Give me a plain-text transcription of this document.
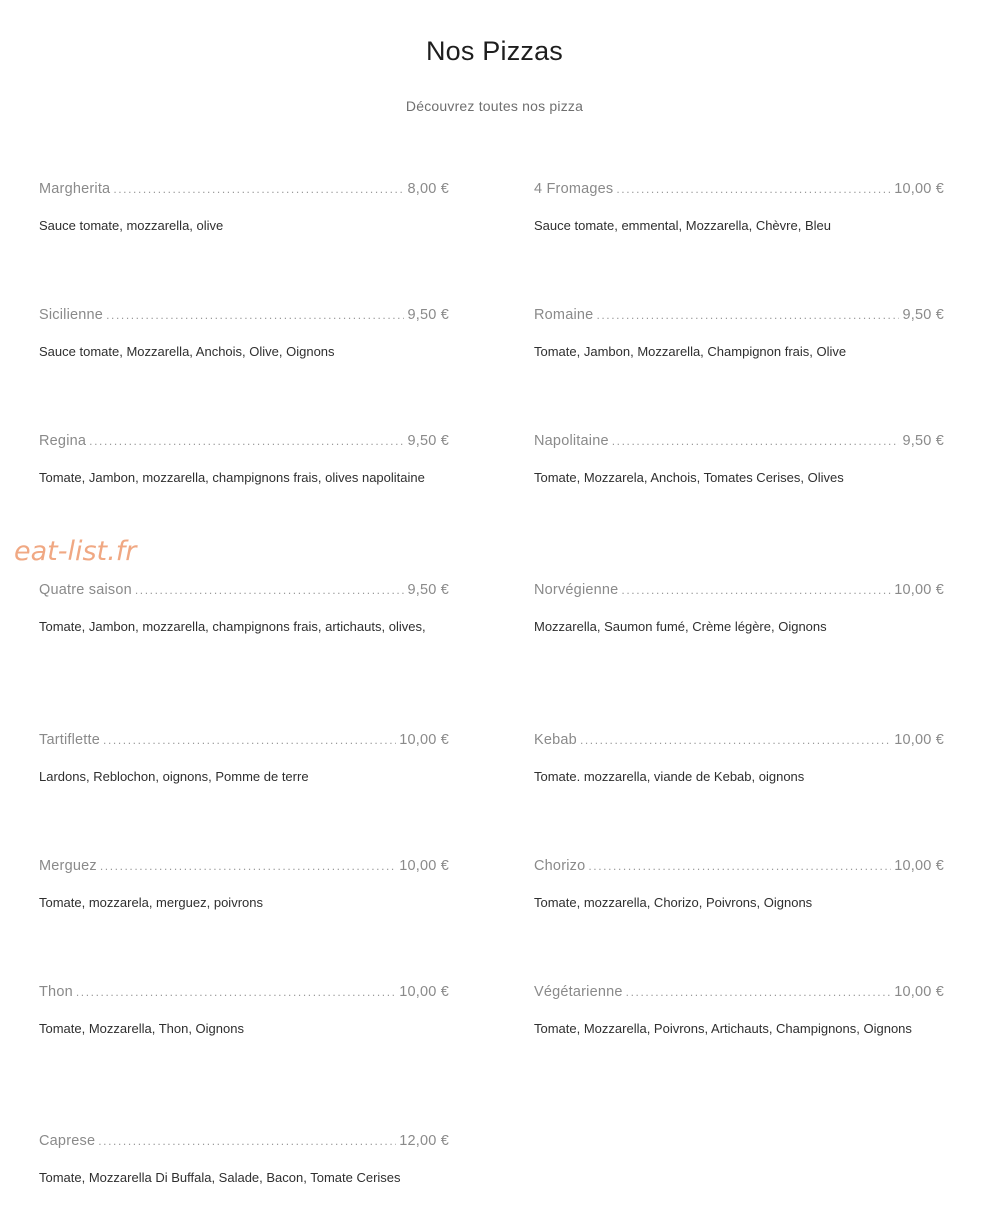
Nos Pizzas
Découvrez toutes nos pizza
eat-list.fr
Margherita .....	8,00 €
Sauce tomate, mozzarella, olive
4 Fromages .....	10,00 €
Sauce tomate, emmental, Mozzarella, Chèvre, Bleu
Sicilienne .....	9,50 €
Sauce tomate, Mozzarella, Anchois, Olive, Oignons
Romaine .....	9,50 €
Tomate, Jambon, Mozzarella, Champignon frais, Olive
Regina .....	9,50 €
Tomate, Jambon, mozzarella, champignons frais, olives napolitaine
Napolitaine .....	9,50 €
Tomate, Mozzarela, Anchois, Tomates Cerises, Olives
Quatre saison .....	9,50 €
Tomate, Jambon, mozzarella, champignons frais, artichauts, olives,
Norvégienne .....	10,00 €
Mozzarella, Saumon fumé, Crème légère, Oignons
Tartiflette .....	10,00 €
Lardons, Reblochon, oignons, Pomme de terre
Kebab .....	10,00 €
Tomate. mozzarella, viande de Kebab, oignons
Merguez .....	10,00 €
Tomate, mozzarela, merguez, poivrons
Chorizo .....	10,00 €
Tomate, mozzarella, Chorizo, Poivrons, Oignons
Thon .....	10,00 €
Tomate, Mozzarella, Thon, Oignons
Végétarienne .....	10,00 €
Tomate, Mozzarella, Poivrons, Artichauts, Champignons, Oignons
Caprese .....	12,00 €
Tomate, Mozzarella Di Buffala, Salade, Bacon, Tomate Cerises
